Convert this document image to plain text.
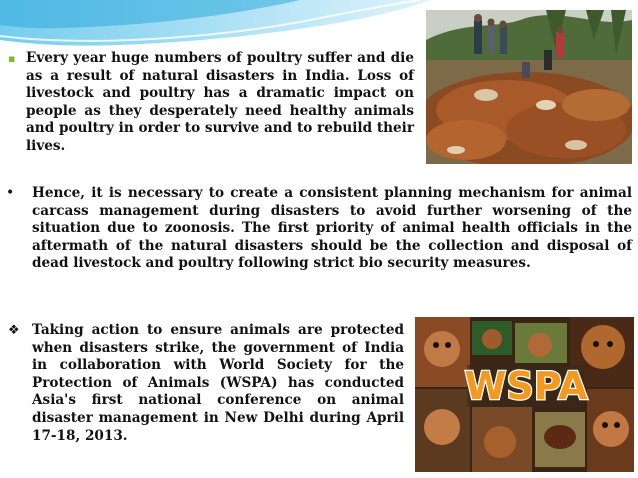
▪ Every year huge numbers of poultry suffer and die as a result of natural disasters in India. Loss of livestock and poultry has a dramatic impact on people as they desperately need healthy animals and poultry in order to survive and to rebuild their lives.

• Hence, it is necessary to create a consistent planning mechanism for animal carcass management during disasters to avoid further worsening of the situation due to zoonosis. The first priority of animal health officials in the aftermath of the natural disasters should be the collection and disposal of dead livestock and poultry following strict bio security measures.

❖ Taking action to ensure animals are protected when disasters strike, the government of India in collaboration with World Society for the Protection of Animals (WSPA) has conducted Asia's first national conference on animal disaster management in New Delhi during April 17-18, 2013.

WSPA
